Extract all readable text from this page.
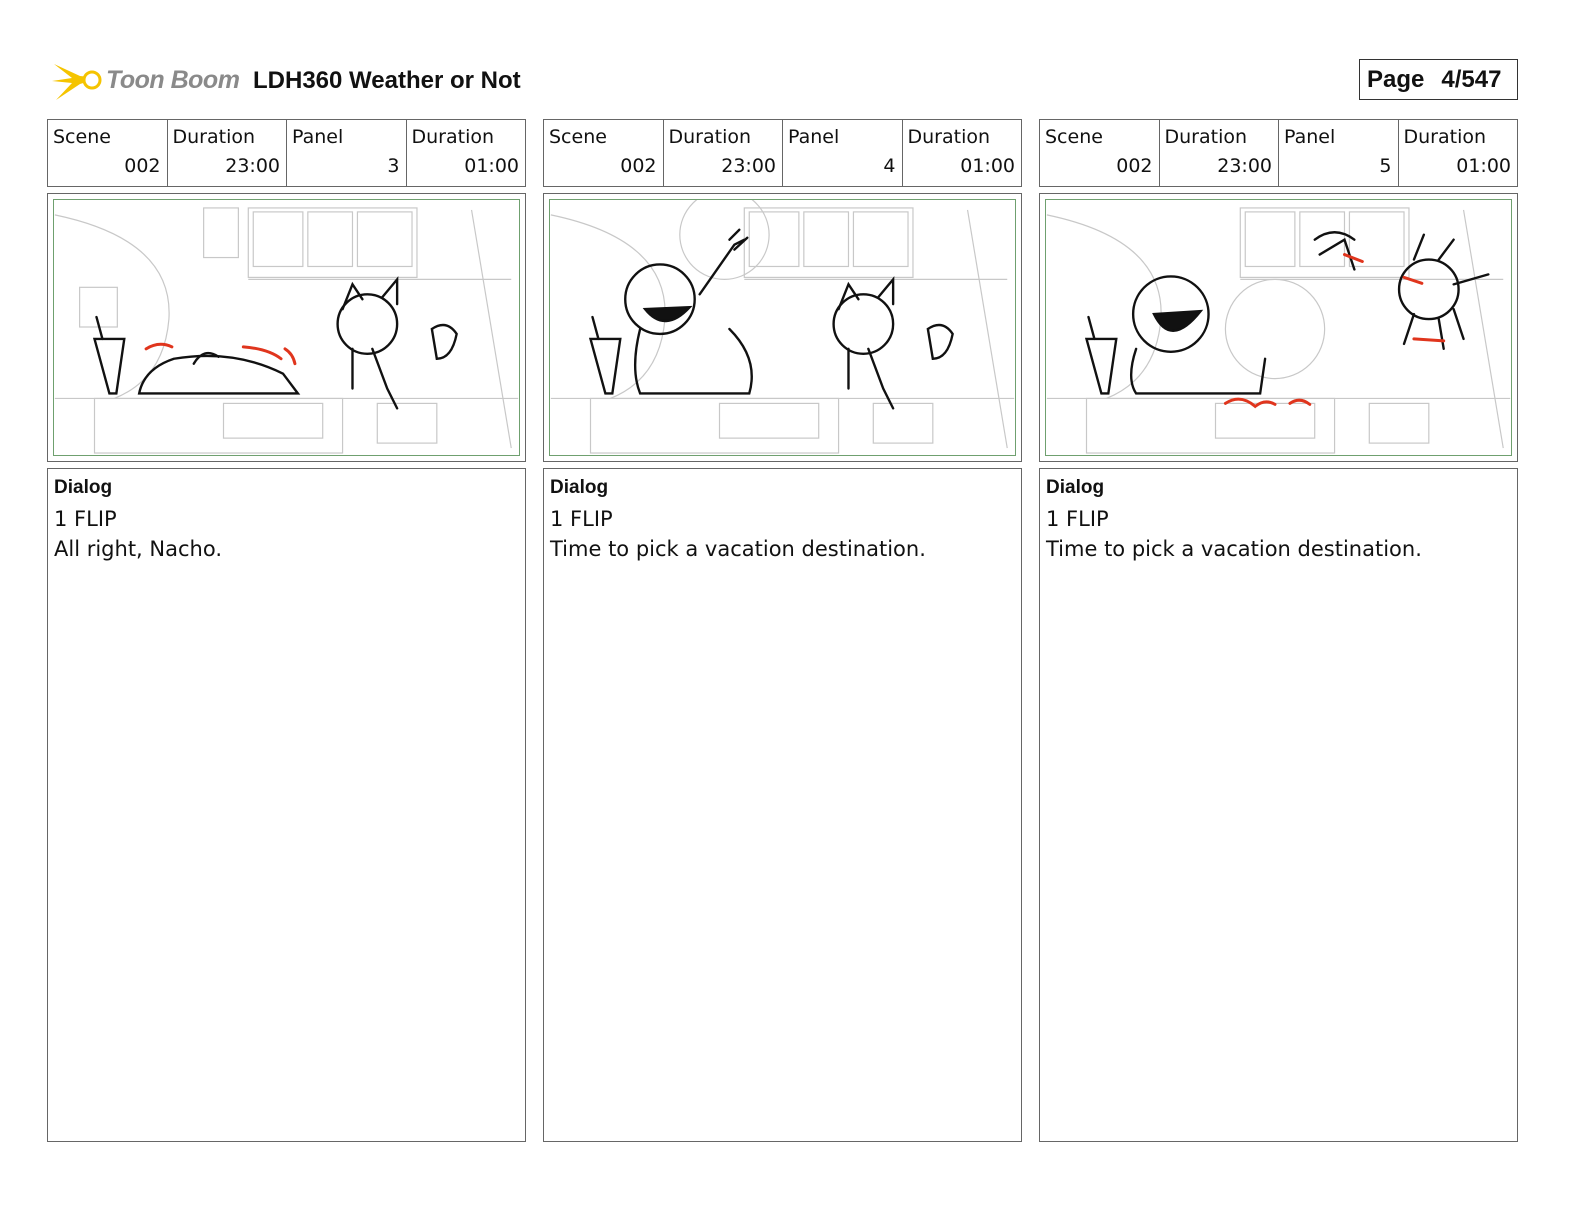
Toon Boom LDH360 Weather or Not	Page 4/547
Scene
002
Duration
23:00
Panel
3
Duration
01:00
Dialog
1 FLIP
All right, Nacho.
Scene
002
Duration
23:00
Panel
4
Duration
01:00
Dialog
1 FLIP
Time to pick a vacation destination.
Scene
002
Duration
23:00
Panel
5
Duration
01:00
Dialog
1 FLIP
Time to pick a vacation destination.
